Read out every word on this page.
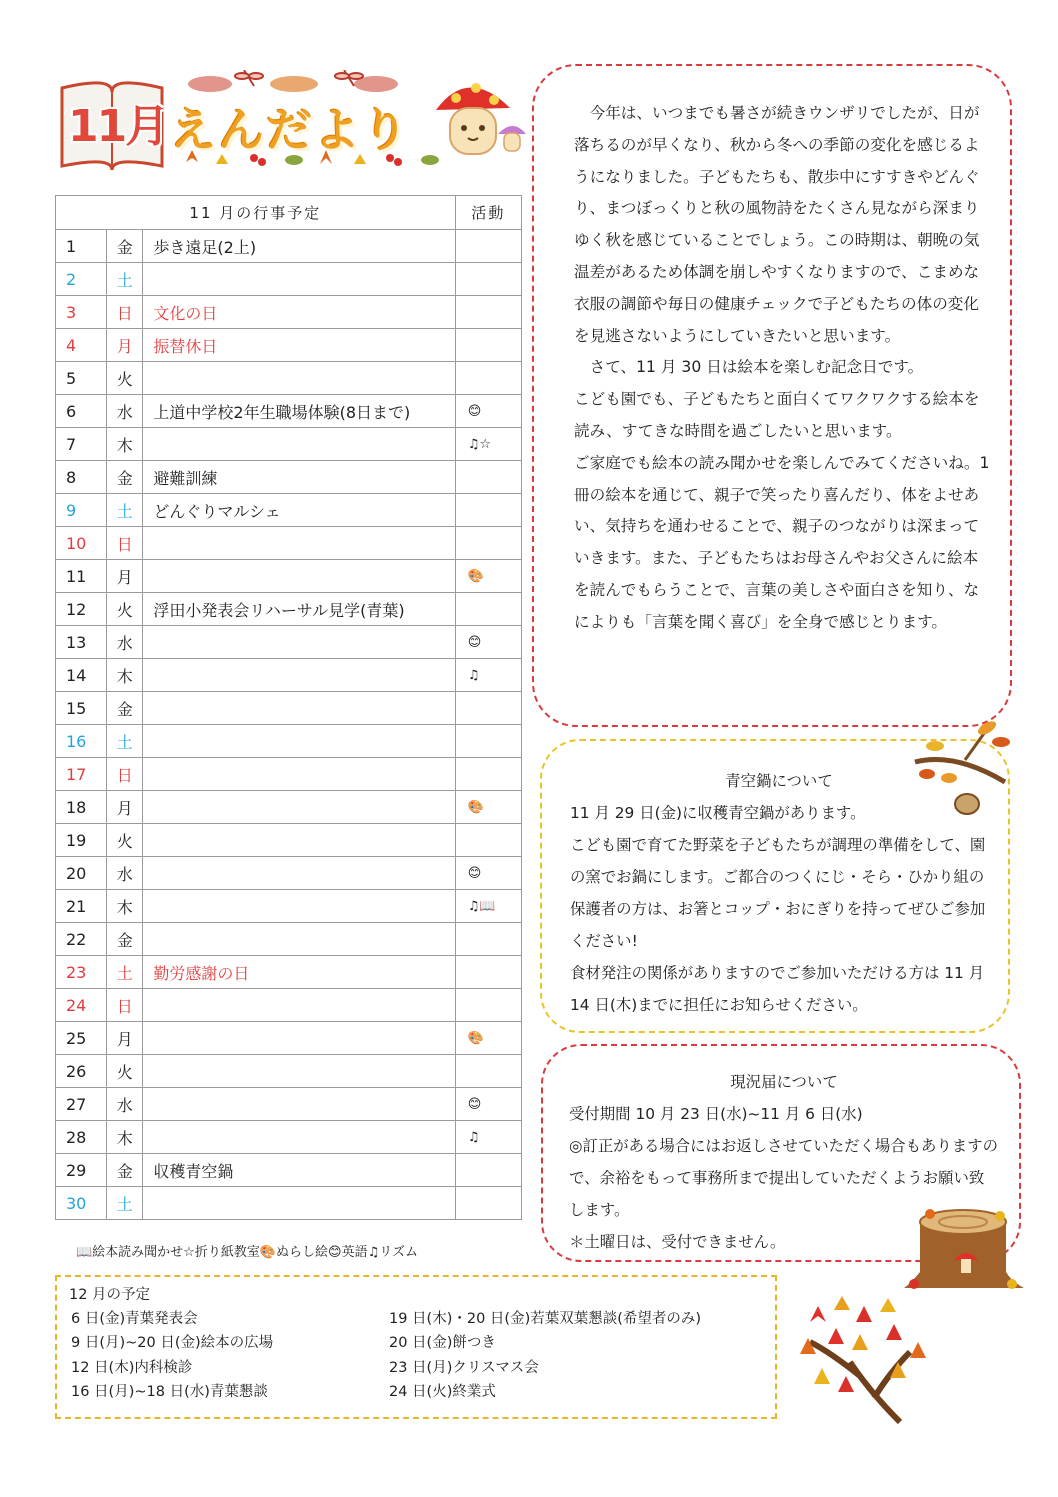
11月 えんだより
11 月の行事予定			活動
1	金	歩き遠足(2上)	
2	土		
3	日	文化の日	
4	月	振替休日	
5	火		
6	水	上道中学校2年生職場体験(8日まで)	😊
7	木		♫☆
8	金	避難訓練	
9	土	どんぐりマルシェ	
10	日		
11	月		🎨
12	火	浮田小発表会リハーサル見学(青葉)	
13	水		😊
14	木		♫
15	金		
16	土		
17	日		
18	月		🎨
19	火		
20	水		😊
21	木		♫📖
22	金		
23	土	勤労感謝の日	
24	日		
25	月		🎨
26	火		
27	水		😊
28	木		♫
29	金	収穫青空鍋	
30	土		
📖絵本読み聞かせ☆折り紙教室🎨ぬらし絵😊英語♫リズム

今年は、いつまでも暑さが続きウンザリでしたが、日が落ちるのが早くなり、秋から冬への季節の変化を感じるようになりました。子どもたちも、散歩中にすすきやどんぐり、まつぼっくりと秋の風物詩をたくさん見ながら深まりゆく秋を感じていることでしょう。この時期は、朝晩の気温差があるため体調を崩しやすくなりますので、こまめな衣服の調節や毎日の健康チェックで子どもたちの体の変化を見逃さないようにしていきたいと思います。

さて、11 月 30 日は絵本を楽しむ記念日です。

こども園でも、子どもたちと面白くてワクワクする絵本を読み、すてきな時間を過ごしたいと思います。

ご家庭でも絵本の読み聞かせを楽しんでみてくださいね。1冊の絵本を通じて、親子で笑ったり喜んだり、体をよせあい、気持ちを通わせることで、親子のつながりは深まっていきます。また、子どもたちはお母さんやお父さんに絵本を読んでもらうことで、言葉の美しさや面白さを知り、なによりも「言葉を聞く喜び」を全身で感じとります。

青空鍋について

11 月 29 日(金)に収穫青空鍋があります。

こども園で育てた野菜を子どもたちが調理の準備をして、園の窯でお鍋にします。ご都合のつくにじ・そら・ひかり組の保護者の方は、お箸とコップ・おにぎりを持ってぜひご参加ください!

食材発注の関係がありますのでご参加いただける方は 11 月 14 日(木)までに担任にお知らせください。

現況届について

受付期間 10 月 23 日(水)~11 月 6 日(水)

◎訂正がある場合にはお返しさせていただく場合もありますので、余裕をもって事務所まで提出していただくようお願い致します。

＊土曜日は、受付できません。

12 月の予定
6 日(金)青葉発表会
9 日(月)~20 日(金)絵本の広場
12 日(木)内科検診
16 日(月)~18 日(水)青葉懇談
19 日(木)・20 日(金)若葉双葉懇談(希望者のみ)
20 日(金)餅つき
23 日(月)クリスマス会
24 日(火)終業式
